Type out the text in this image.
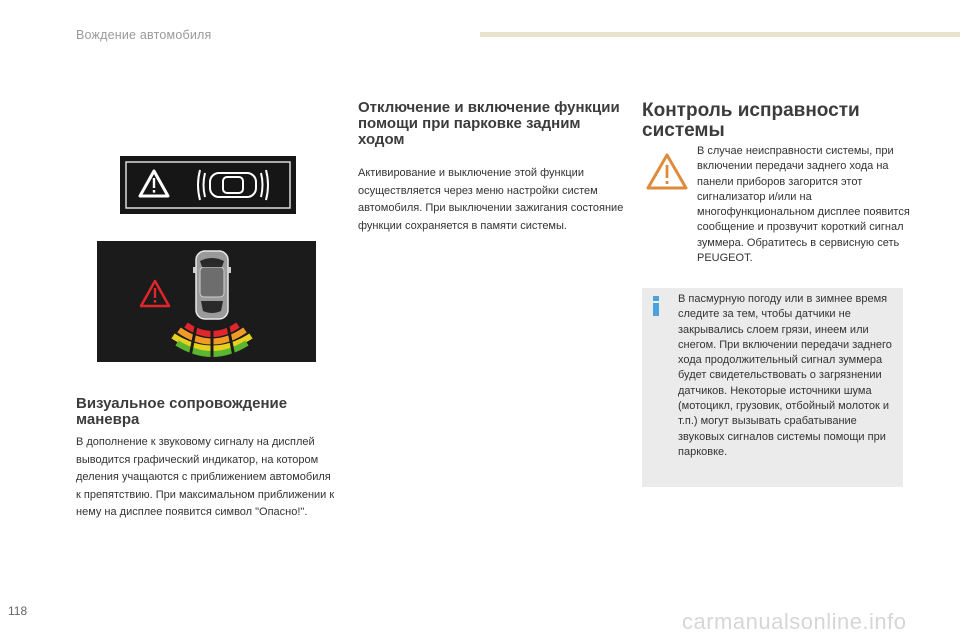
Вождение автомобиля
Визуальное сопровождение маневра

В дополнение к звуковому сигналу на дисплей выводится графический индикатор, на котором деления учащаются с приближением автомобиля к препятствию. При максимальном приближении к нему на дисплее появится символ "Опасно!".

Отключение и включение функции помощи при парковке задним ходом

Активирование и выключение этой функции осуществляется через меню настройки систем автомобиля. При выключении зажигания состояние функции сохраняется в памяти системы.

Контроль исправности системы

В случае неисправности системы, при включении передачи заднего хода на панели приборов загорится этот сигнализатор и/или на многофункциональном дисплее появится сообщение и прозвучит короткий сигнал зуммера. Обратитесь в сервисную сеть PEUGEOT.

В пасмурную погоду или в зимнее время следите за тем, чтобы датчики не закрывались слоем грязи, инеем или снегом. При включении передачи заднего хода продолжительный сигнал зуммера будет свидетельствовать о загрязнении датчиков. Некоторые источники шума (мотоцикл, грузовик, отбойный молоток и т.п.) могут вызывать срабатывание звуковых сигналов системы помощи при парковке.

118	carmanualsonline.info
